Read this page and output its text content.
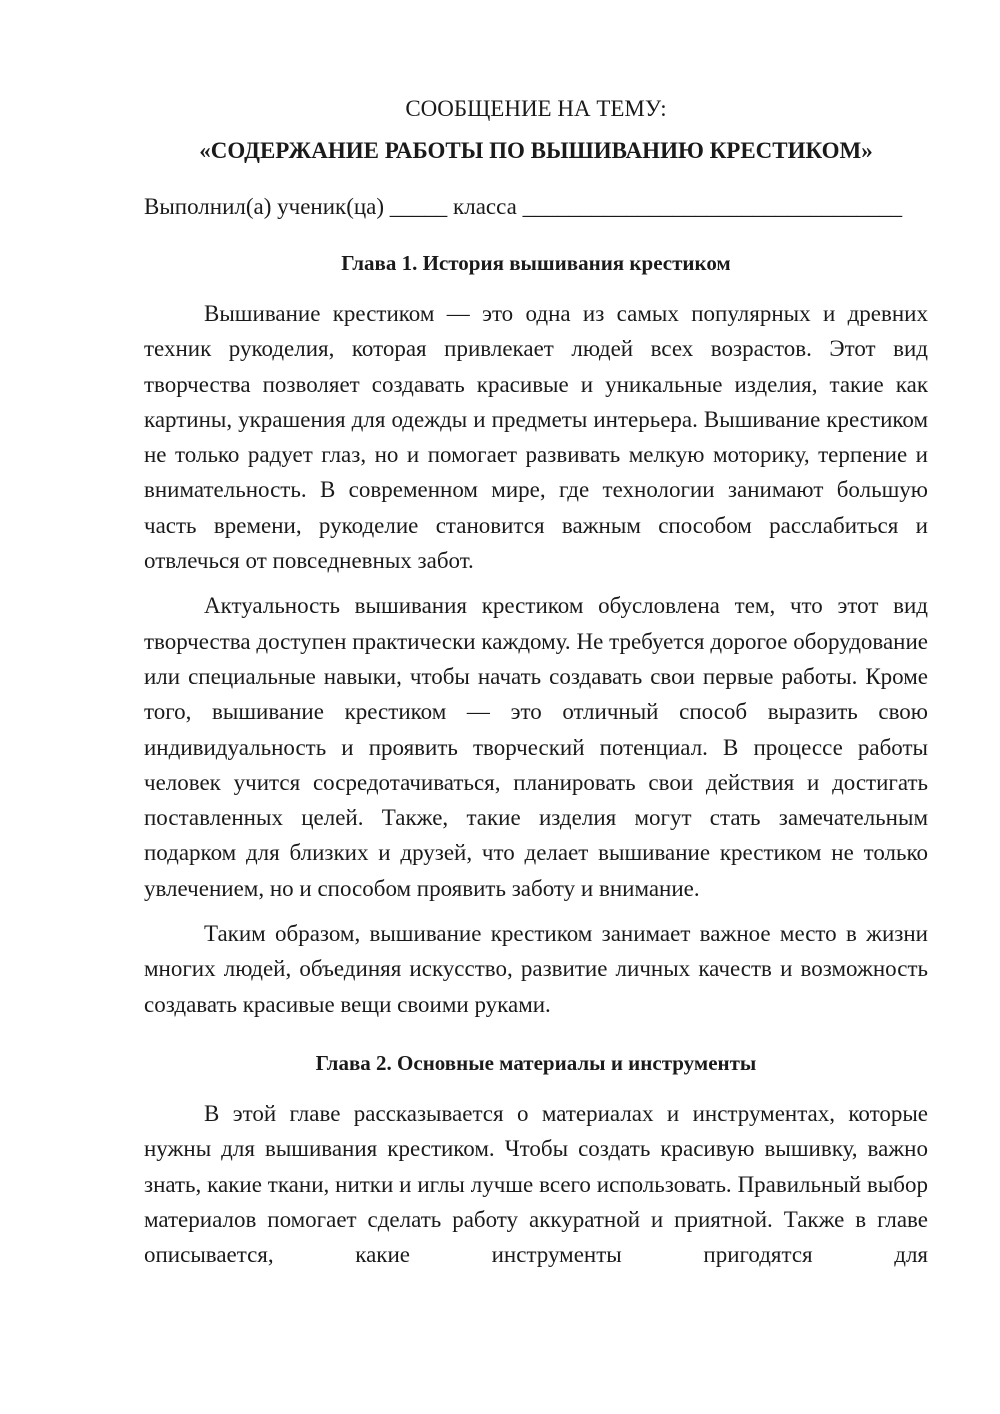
СООБЩЕНИЕ НА ТЕМУ:
«СОДЕРЖАНИЕ РАБОТЫ ПО ВЫШИВАНИЮ КРЕСТИКОМ»
Выполнил(а) ученик(ца) _____ класса _________________________________
Глава 1. История вышивания крестиком

Вышивание крестиком — это одна из самых популярных и древних техник рукоделия, которая привлекает людей всех возрастов. Этот вид творчества позволяет создавать красивые и уникальные изделия, такие как картины, украшения для одежды и предметы интерьера. Вышивание крестиком не только радует глаз, но и помогает развивать мелкую моторику, терпение и внимательность. В современном мире, где технологии занимают большую часть времени, рукоделие становится важным способом расслабиться и отвлечься от повседневных забот.

Актуальность вышивания крестиком обусловлена тем, что этот вид творчества доступен практически каждому. Не требуется дорогое оборудование или специальные навыки, чтобы начать создавать свои первые работы. Кроме того, вышивание крестиком — это отличный способ выразить свою индивидуальность и проявить творческий потенциал. В процессе работы человек учится сосредотачиваться, планировать свои действия и достигать поставленных целей. Также, такие изделия могут стать замечательным подарком для близких и друзей, что делает вышивание крестиком не только увлечением, но и способом проявить заботу и внимание.

Таким образом, вышивание крестиком занимает важное место в жизни многих людей, объединяя искусство, развитие личных качеств и возможность создавать красивые вещи своими руками.

Глава 2. Основные материалы и инструменты

В этой главе рассказывается о материалах и инструментах, которые нужны для вышивания крестиком. Чтобы создать красивую вышивку, важно знать, какие ткани, нитки и иглы лучше всего использовать. Правильный выбор материалов помогает сделать работу аккуратной и приятной. Также в главе описывается, какие инструменты пригодятся для
